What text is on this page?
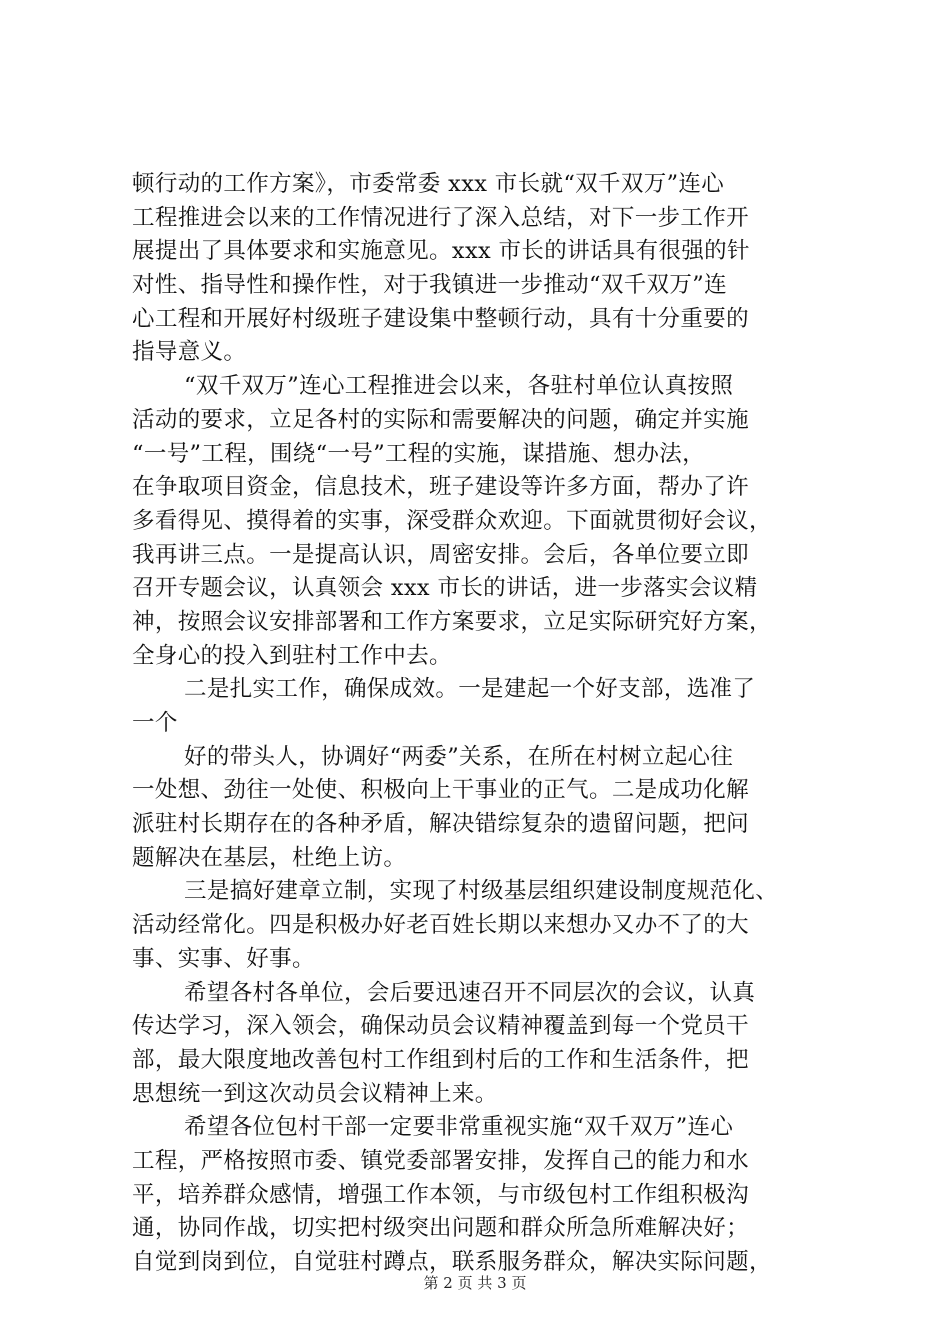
顿行动的工作方案》，市委常委 xxx 市长就“双千双万”连心
工程推进会以来的工作情况进行了深入总结，对下一步工作开
展提出了具体要求和实施意见。xxx 市长的讲话具有很强的针
对性、指导性和操作性，对于我镇进一步推动“双千双万”连
心工程和开展好村级班子建设集中整顿行动，具有十分重要的
指导意义。
“双千双万”连心工程推进会以来，各驻村单位认真按照
活动的要求，立足各村的实际和需要解决的问题，确定并实施
“一号”工程，围绕“一号”工程的实施，谋措施、想办法，
在争取项目资金，信息技术，班子建设等许多方面，帮办了许
多看得见、摸得着的实事，深受群众欢迎。下面就贯彻好会议，
我再讲三点。一是提高认识，周密安排。会后，各单位要立即
召开专题会议，认真领会 xxx 市长的讲话，进一步落实会议精
神，按照会议安排部署和工作方案要求，立足实际研究好方案，
全身心的投入到驻村工作中去。
二是扎实工作，确保成效。一是建起一个好支部，选准了
一个
好的带头人，协调好“两委”关系，在所在村树立起心往
一处想、劲往一处使、积极向上干事业的正气。二是成功化解
派驻村长期存在的各种矛盾，解决错综复杂的遗留问题，把问
题解决在基层，杜绝上访。
三是搞好建章立制，实现了村级基层组织建设制度规范化、
活动经常化。四是积极办好老百姓长期以来想办又办不了的大
事、实事、好事。
希望各村各单位，会后要迅速召开不同层次的会议，认真
传达学习，深入领会，确保动员会议精神覆盖到每一个党员干
部，最大限度地改善包村工作组到村后的工作和生活条件，把
思想统一到这次动员会议精神上来。
希望各位包村干部一定要非常重视实施“双千双万”连心
工程，严格按照市委、镇党委部署安排，发挥自己的能力和水
平，培养群众感情，增强工作本领，与市级包村工作组积极沟
通，协同作战，切实把村级突出问题和群众所急所难解决好；
自觉到岗到位，自觉驻村蹲点，联系服务群众，解决实际问题，
第 2 页 共 3 页
